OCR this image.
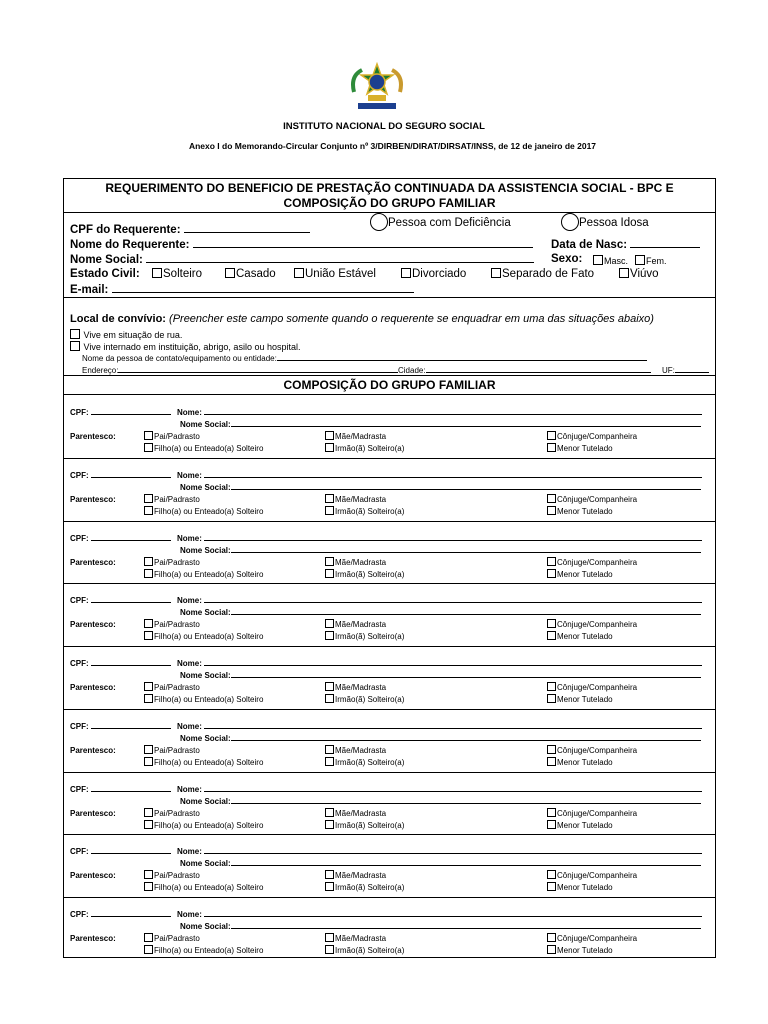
INSTITUTO NACIONAL DO SEGURO SOCIAL
Anexo I do Memorando-Circular Conjunto nº 3/DIRBEN/DIRAT/DIRSAT/INSS, de 12 de janeiro de 2017
REQUERIMENTO DO BENEFICIO DE PRESTAÇÃO CONTINUADA DA ASSISTENCIA SOCIAL - BPC E
COMPOSIÇÃO DO GRUPO FAMILIAR
CPF do Requerente:
Pessoa com Deficiência	Pessoa Idosa
Nome do Requerente:	Data de Nasc:
Nome Social:	Sexo:	Masc.	Fem.
Estado Civil:	Solteiro	Casado	União Estável	Divorciado	Separado de Fato	Viúvo
E-mail:
Local de convívio: (Preencher este campo somente quando o requerente se enquadrar em uma das situações abaixo)
Vive em situação de rua.
Vive internado em instituição, abrigo, asilo ou hospital.
Nome da pessoa de contato/equipamento ou entidade:
Endereço:	Cidade:	UF:
COMPOSIÇÃO DO GRUPO FAMILIAR
CPF:	Nome:
Nome Social:
Parentesco:	Pai/Padrasto	Mãe/Madrasta	Cônjuge/Companheira
Filho(a) ou Enteado(a) Solteiro	Irmão(ã) Solteiro(a)	Menor Tutelado
CPF:	Nome:
Nome Social:
Parentesco:	Pai/Padrasto	Mãe/Madrasta	Cônjuge/Companheira
Filho(a) ou Enteado(a) Solteiro	Irmão(ã) Solteiro(a)	Menor Tutelado
CPF:	Nome:
Nome Social:
Parentesco:	Pai/Padrasto	Mãe/Madrasta	Cônjuge/Companheira
Filho(a) ou Enteado(a) Solteiro	Irmão(ã) Solteiro(a)	Menor Tutelado
CPF:	Nome:
Nome Social:
Parentesco:	Pai/Padrasto	Mãe/Madrasta	Cônjuge/Companheira
Filho(a) ou Enteado(a) Solteiro	Irmão(ã) Solteiro(a)	Menor Tutelado
CPF:	Nome:
Nome Social:
Parentesco:	Pai/Padrasto	Mãe/Madrasta	Cônjuge/Companheira
Filho(a) ou Enteado(a) Solteiro	Irmão(ã) Solteiro(a)	Menor Tutelado
CPF:	Nome:
Nome Social:
Parentesco:	Pai/Padrasto	Mãe/Madrasta	Cônjuge/Companheira
Filho(a) ou Enteado(a) Solteiro	Irmão(ã) Solteiro(a)	Menor Tutelado
CPF:	Nome:
Nome Social:
Parentesco:	Pai/Padrasto	Mãe/Madrasta	Cônjuge/Companheira
Filho(a) ou Enteado(a) Solteiro	Irmão(ã) Solteiro(a)	Menor Tutelado
CPF:	Nome:
Nome Social:
Parentesco:	Pai/Padrasto	Mãe/Madrasta	Cônjuge/Companheira
Filho(a) ou Enteado(a) Solteiro	Irmão(ã) Solteiro(a)	Menor Tutelado
CPF:	Nome:
Nome Social:
Parentesco:	Pai/Padrasto	Mãe/Madrasta	Cônjuge/Companheira
Filho(a) ou Enteado(a) Solteiro	Irmão(ã) Solteiro(a)	Menor Tutelado
